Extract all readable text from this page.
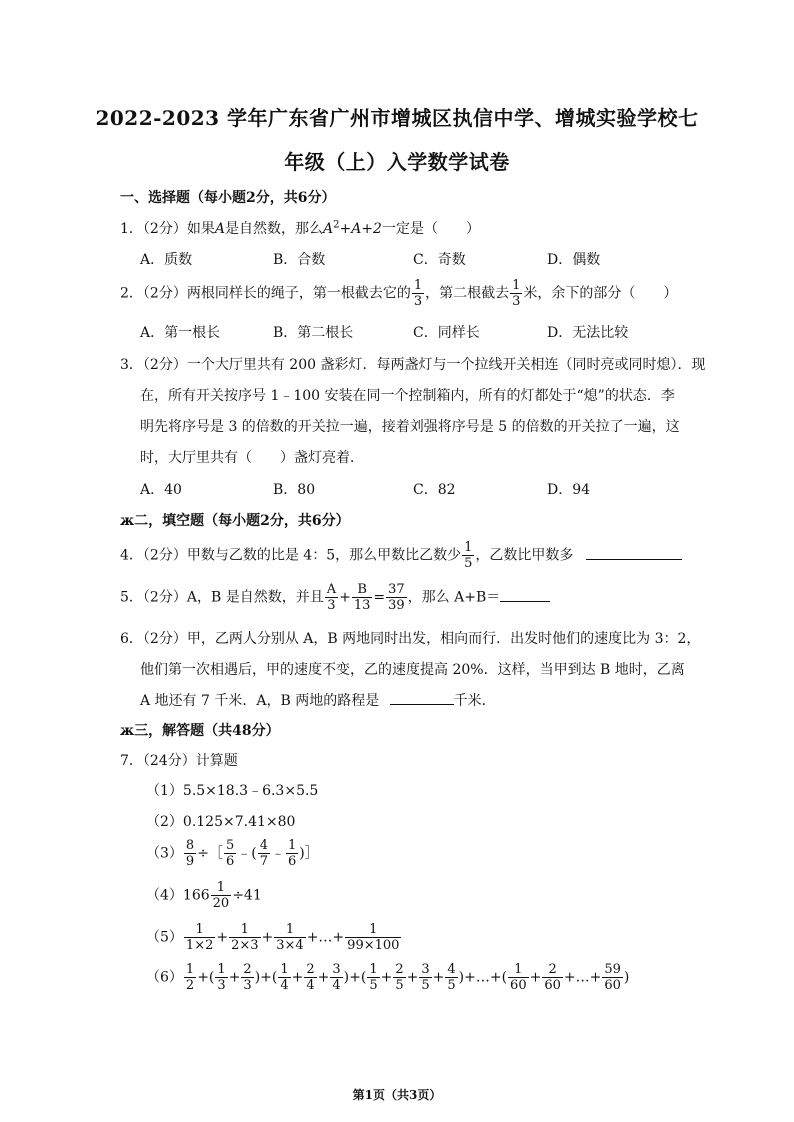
2022-2023 学年广东省广州市增城区执信中学、增城实验学校七
年级（上）入学数学试卷
一、选择题（每小题2分，共6分）
1．（2分）如果A是自然数，那么$A^2+A+2$一定是（　　）
A．质数	B．合数	C．奇数	D．偶数
2．（2分）两根同样长的绳子，第一根截去它的 $\frac{1}{3}$ ，第二根截去 $\frac{1}{3}$ 米，余下的部分（　　）
A．第一根长	B．第二根长	C．同样长	D．无法比较
3．（2分）一个大厅里共有 200 盏彩灯．每两盏灯与一个拉线开关相连（同时亮或同时熄）．现
在，所有开关按序号 1﹣100 安装在同一个控制箱内，所有的灯都处于“熄”的状态．李
明先将序号是 3 的倍数的开关拉一遍，接着刘强将序号是 5 的倍数的开关拉了一遍，这
时，大厅里共有（　　）盏灯亮着．
A．40	B．80	C．82	D．94
ж二，填空题（每小题2分，共6分）
4．（2分）甲数与乙数的比是 4：5，那么甲数比乙数少 $\frac{1}{5}$ ，乙数比甲数多
5．（2分）A，B 是自然数，并且 $\frac{A}{3} + \frac{B}{13} = \frac{37}{39}$ ，那么 A+B＝
6．（2分）甲，乙两人分别从 A，B 两地同时出发，相向而行．出发时他们的速度比为 3：2，
他们第一次相遇后，甲的速度不变，乙的速度提高 20%．这样，当甲到达 B 地时，乙离
A 地还有 7 千米．A，B 两地的路程是	千米．
ж三，解答题（共48分）
7．（24分）计算题
（1）5.5×18.3﹣6.3×5.5
（2）0.125×7.41×80
$(3) \frac{8}{9}$ ÷［ $\frac{5}{6}$ ﹣( $\frac{4}{7}$ ﹣ $\frac{1}{6}$ )］
$(4)166 \frac{1}{20} \div 41$
$(5) \frac{1}{1\times 2} + \frac{1}{2\times 3} + \frac{1}{3\times 4}$ +…+ $\frac{1}{99\times 100}$
$(6) \frac{1}{2}$ +( $\frac{1}{3} + \frac{2}{3}$ )+( $\frac{1}{4} + \frac{2}{4} + \frac{3}{4}$ )+( $\frac{1}{5} + \frac{2}{5} + \frac{3}{5} + \frac{4}{5}$ )+…+( $\frac{1}{60} + \frac{2}{60}$ +…+ $\frac{59}{60}$ )
第1页（共3页）
